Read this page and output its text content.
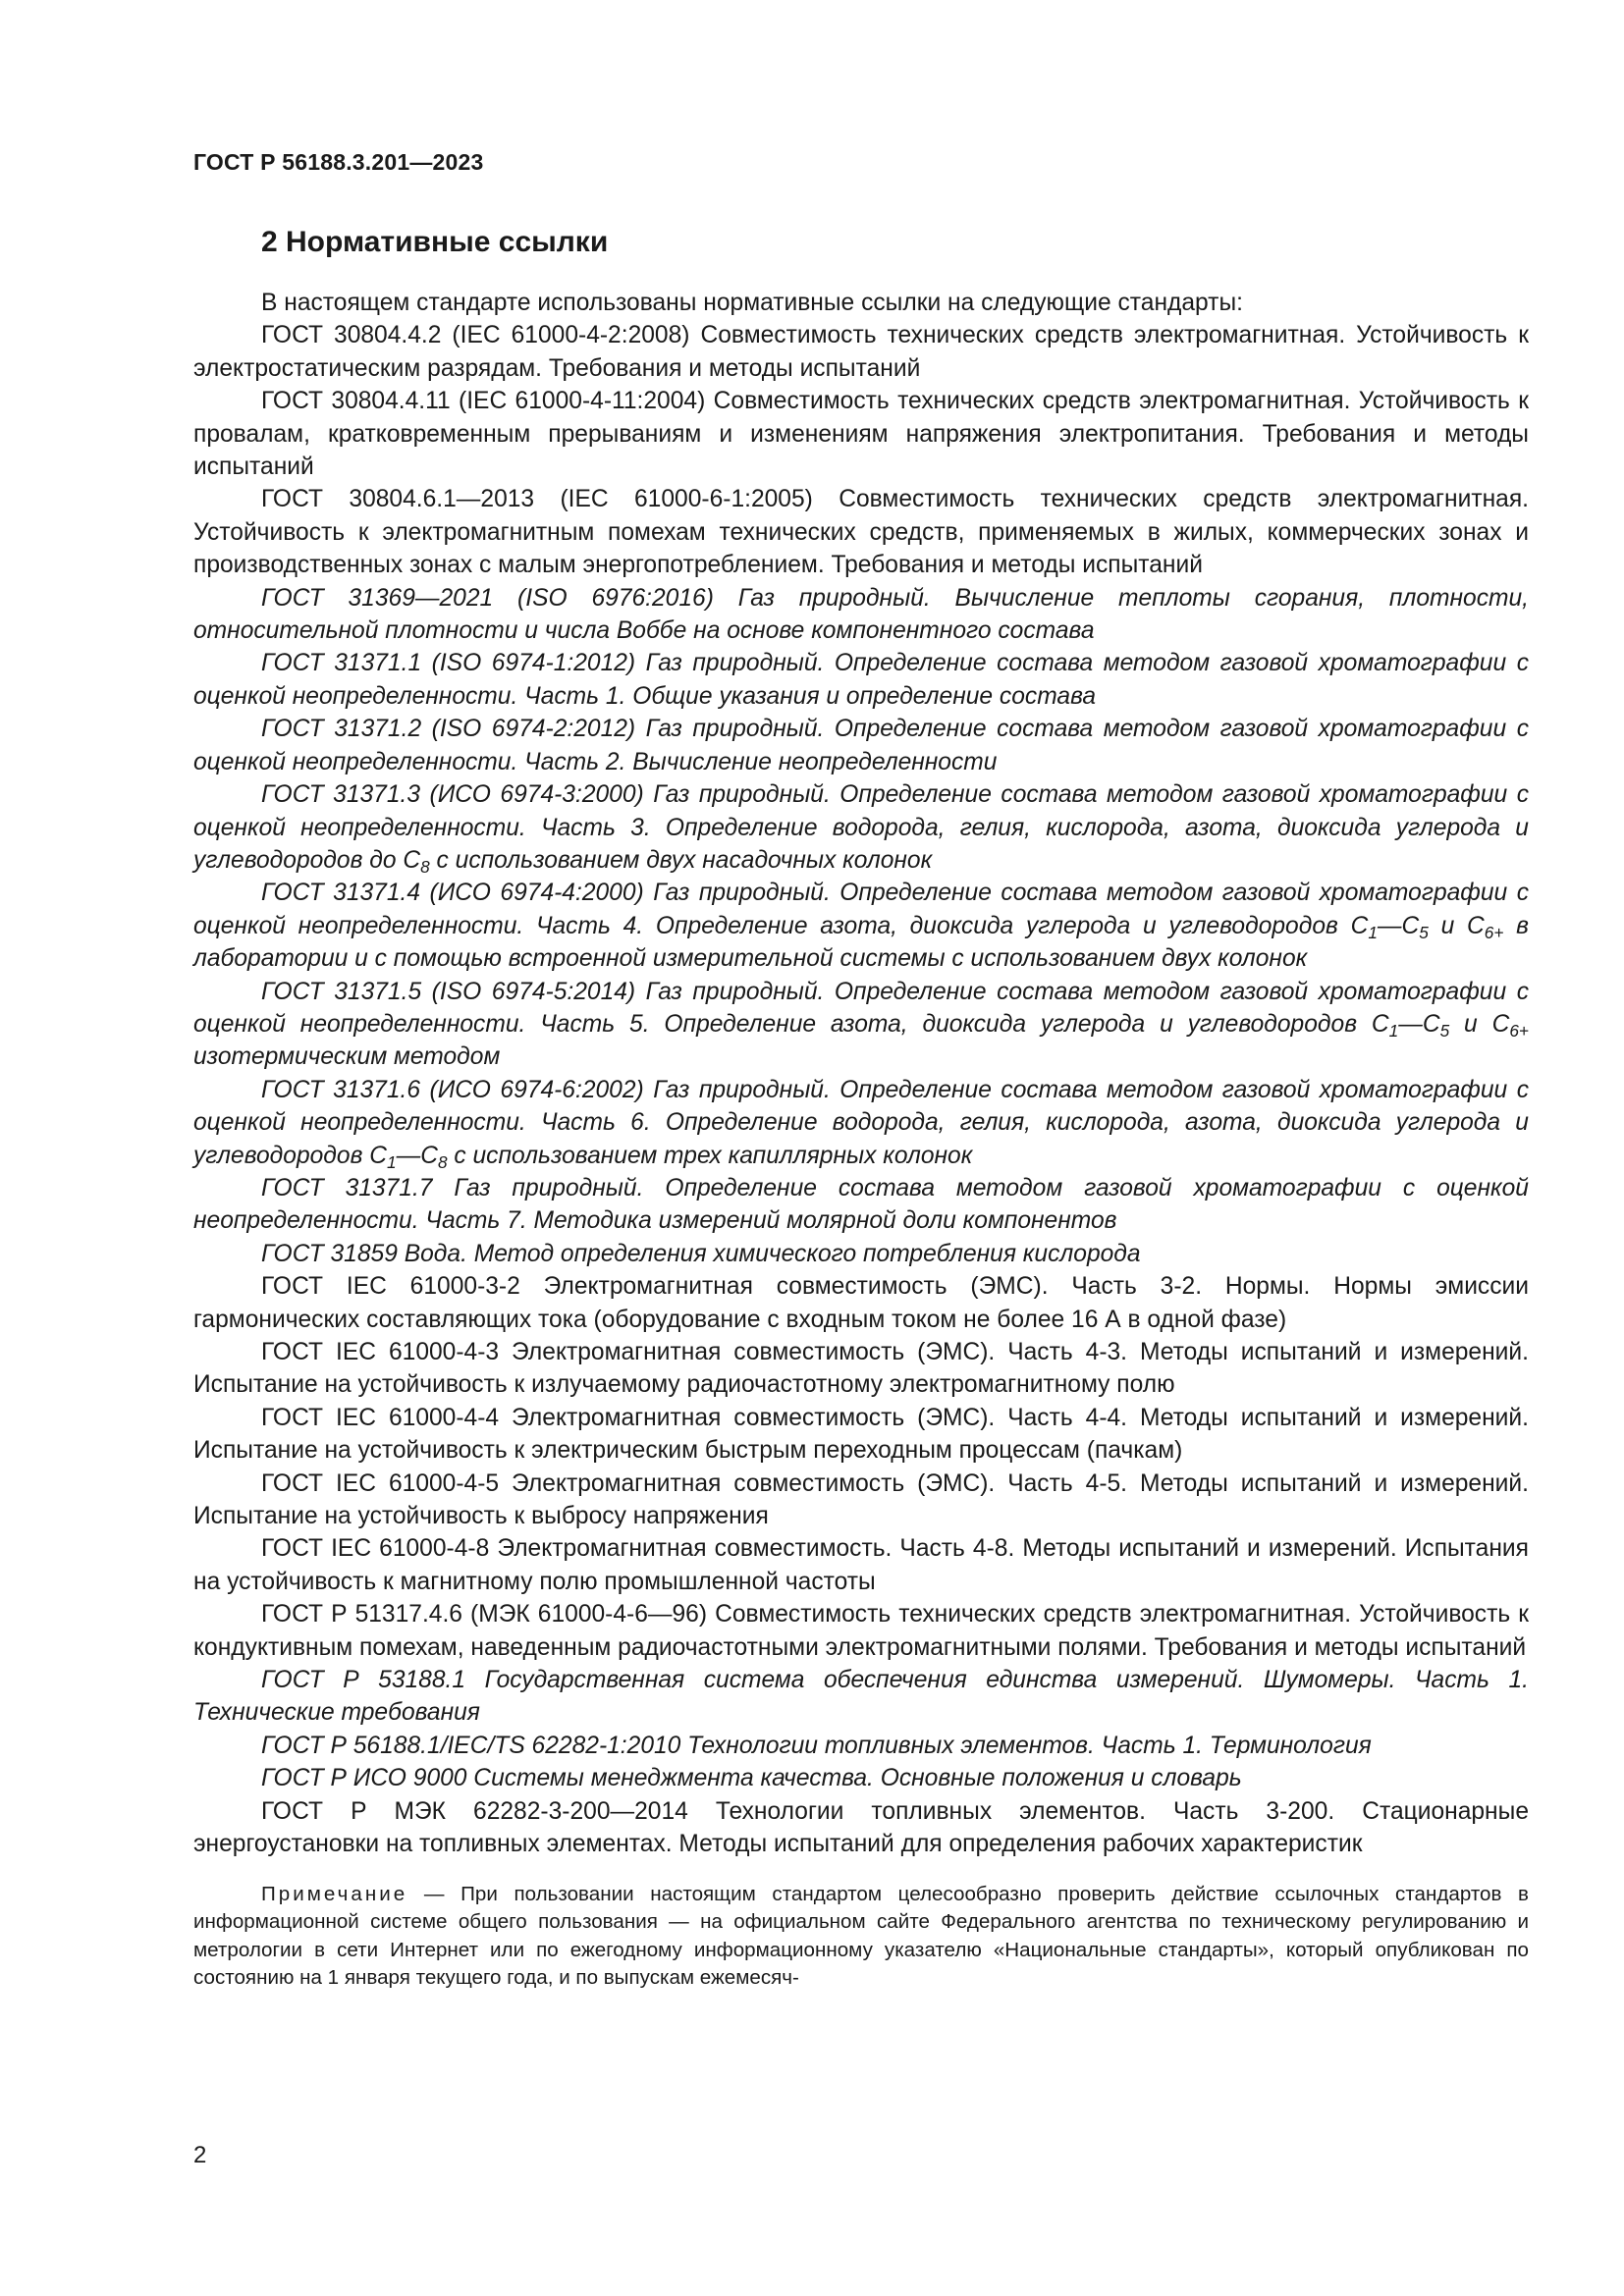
ГОСТ Р 56188.3.201—2023
2 Нормативные ссылки

В настоящем стандарте использованы нормативные ссылки на следующие стандарты:

ГОСТ 30804.4.2 (IEC 61000-4-2:2008) Совместимость технических средств электромагнитная. Устойчивость к электростатическим разрядам. Требования и методы испытаний

ГОСТ 30804.4.11 (IEC 61000-4-11:2004) Совместимость технических средств электромагнитная. Устойчивость к провалам, кратковременным прерываниям и изменениям напряжения электропитания. Требования и методы испытаний

ГОСТ 30804.6.1—2013 (IEC 61000-6-1:2005) Совместимость технических средств электромагнитная. Устойчивость к электромагнитным помехам технических средств, применяемых в жилых, коммерческих зонах и производственных зонах с малым энергопотреблением. Требования и методы испытаний

ГОСТ 31369—2021 (ISO 6976:2016) Газ природный. Вычисление теплоты сгорания, плотности, относительной плотности и числа Воббе на основе компонентного состава

ГОСТ 31371.1 (ISO 6974-1:2012) Газ природный. Определение состава методом газовой хроматографии с оценкой неопределенности. Часть 1. Общие указания и определение состава

ГОСТ 31371.2 (ISO 6974-2:2012) Газ природный. Определение состава методом газовой хроматографии с оценкой неопределенности. Часть 2. Вычисление неопределенности

ГОСТ 31371.3 (ИСО 6974-3:2000) Газ природный. Определение состава методом газовой хроматографии с оценкой неопределенности. Часть 3. Определение водорода, гелия, кислорода, азота, диоксида углерода и углеводородов до $C_8$ с использованием двух насадочных колонок

ГОСТ 31371.4 (ИСО 6974-4:2000) Газ природный. Определение состава методом газовой хроматографии с оценкой неопределенности. Часть 4. Определение азота, диоксида углерода и углеводородов $C_1—C_5$ и $C_{6+}$ в лаборатории и с помощью встроенной измерительной системы с использованием двух колонок

ГОСТ 31371.5 (ISO 6974-5:2014) Газ природный. Определение состава методом газовой хроматографии с оценкой неопределенности. Часть 5. Определение азота, диоксида углерода и углеводородов $C_1—C_5$ и $C_{6+}$ изотермическим методом

ГОСТ 31371.6 (ИСО 6974-6:2002) Газ природный. Определение состава методом газовой хроматографии с оценкой неопределенности. Часть 6. Определение водорода, гелия, кислорода, азота, диоксида углерода и углеводородов $C_1—C_8$ с использованием трех капиллярных колонок

ГОСТ 31371.7 Газ природный. Определение состава методом газовой хроматографии с оценкой неопределенности. Часть 7. Методика измерений молярной доли компонентов

ГОСТ 31859 Вода. Метод определения химического потребления кислорода

ГОСТ IEC 61000-3-2 Электромагнитная совместимость (ЭМС). Часть 3-2. Нормы. Нормы эмиссии гармонических составляющих тока (оборудование с входным током не более 16 А в одной фазе)

ГОСТ IEC 61000-4-3 Электромагнитная совместимость (ЭМС). Часть 4-3. Методы испытаний и измерений. Испытание на устойчивость к излучаемому радиочастотному электромагнитному полю

ГОСТ IEC 61000-4-4 Электромагнитная совместимость (ЭМС). Часть 4-4. Методы испытаний и измерений. Испытание на устойчивость к электрическим быстрым переходным процессам (пачкам)

ГОСТ IEC 61000-4-5 Электромагнитная совместимость (ЭМС). Часть 4-5. Методы испытаний и измерений. Испытание на устойчивость к выбросу напряжения

ГОСТ IEC 61000-4-8 Электромагнитная совместимость. Часть 4-8. Методы испытаний и измерений. Испытания на устойчивость к магнитному полю промышленной частоты

ГОСТ Р 51317.4.6 (МЭК 61000-4-6—96) Совместимость технических средств электромагнитная. Устойчивость к кондуктивным помехам, наведенным радиочастотными электромагнитными полями. Требования и методы испытаний

ГОСТ Р 53188.1 Государственная система обеспечения единства измерений. Шумомеры. Часть 1. Технические требования

ГОСТ Р 56188.1/IEC/TS 62282-1:2010 Технологии топливных элементов. Часть 1. Терминология

ГОСТ Р ИСО 9000 Системы менеджмента качества. Основные положения и словарь

ГОСТ Р МЭК 62282-3-200—2014 Технологии топливных элементов. Часть 3-200. Стационарные энергоустановки на топливных элементах. Методы испытаний для определения рабочих характеристик

Примечание — При пользовании настоящим стандартом целесообразно проверить действие ссылочных стандартов в информационной системе общего пользования — на официальном сайте Федерального агентства по техническому регулированию и метрологии в сети Интернет или по ежегодному информационному указателю «Национальные стандарты», который опубликован по состоянию на 1 января текущего года, и по выпускам ежемесяч-

2
